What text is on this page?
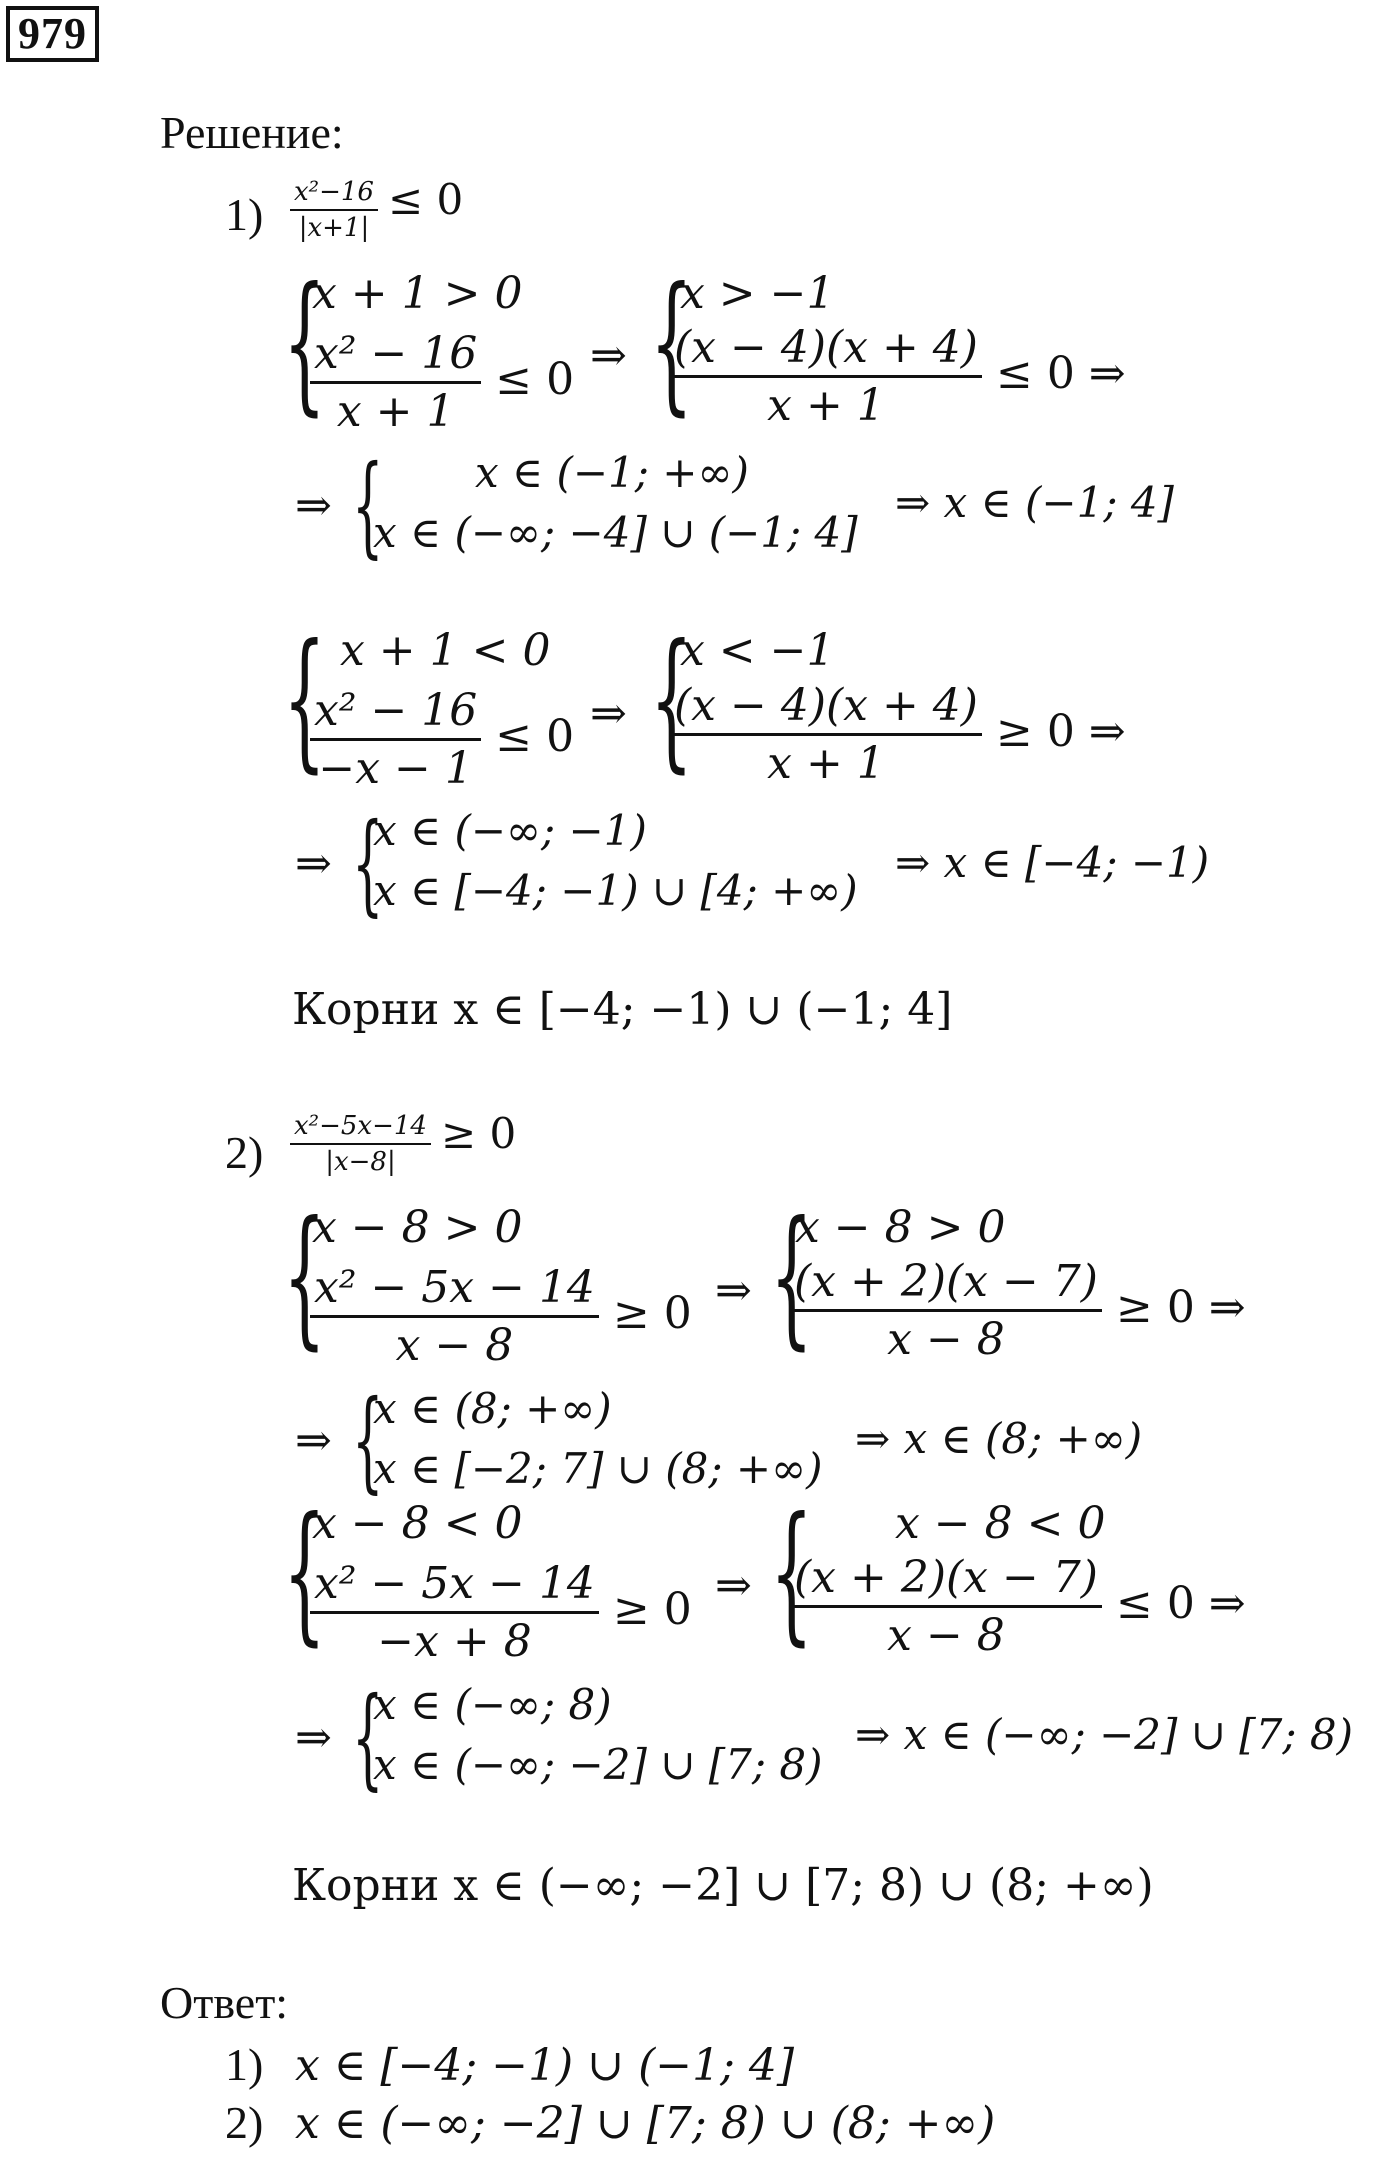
979
Решение:
$1) \frac{\text{x²−16}}{|x+1|} \le 0$
{
x + 1 > 0
$\frac{\text{x² − 16}}{x + 1} \le 0$ ⇒ {
x > −1
$\frac{(x - 4)(x + 4)}{x + 1} \le 0$ ⇒
⇒ { x ∈ (−1; +∞)
x ∈ (−∞; −4] ∪ (−1; 4]
⇒ x ∈ (−1; 4]
{ x + 1 < 0
$\frac{\text{x² − 16}}{-x - 1} \le 0$ ⇒ {
x < −1
$\frac{(x - 4)(x + 4)}{x + 1} \ge 0$ ⇒
⇒ {
x ∈ (−∞; −1)
x ∈ [−4; −1) ∪ [4; +∞)
⇒ x ∈ [−4; −1)
Корни x ∈ [−4; −1) ∪ (−1; 4]
$2) \frac{\text{x²−5x−14}}{|x-8|} \ge 0$
{
x − 8 > 0
$\frac{\text{x² − 5x − 14}}{x - 8} \ge 0$ ⇒ {
x − 8 > 0
$\frac{(x + 2)(x - 7)}{x - 8} \ge 0$ ⇒
⇒ {
x ∈ (8; +∞)
x ∈ [−2; 7] ∪ (8; +∞)
⇒ x ∈ (8; +∞)
{
x − 8 < 0
$\frac{\text{x² − 5x − 14}}{-x + 8} \ge 0$ ⇒ { x − 8 < 0
$\frac{(x + 2)(x - 7)}{x - 8} \le 0$ ⇒
⇒ {
x ∈ (−∞; 8)
x ∈ (−∞; −2] ∪ [7; 8)
⇒ x ∈ (−∞; −2] ∪ [7; 8)
Корни x ∈ (−∞; −2] ∪ [7; 8) ∪ (8; +∞)
Ответ:
1) x ∈ [−4; −1) ∪ (−1; 4]
2) x ∈ (−∞; −2] ∪ [7; 8) ∪ (8; +∞)
